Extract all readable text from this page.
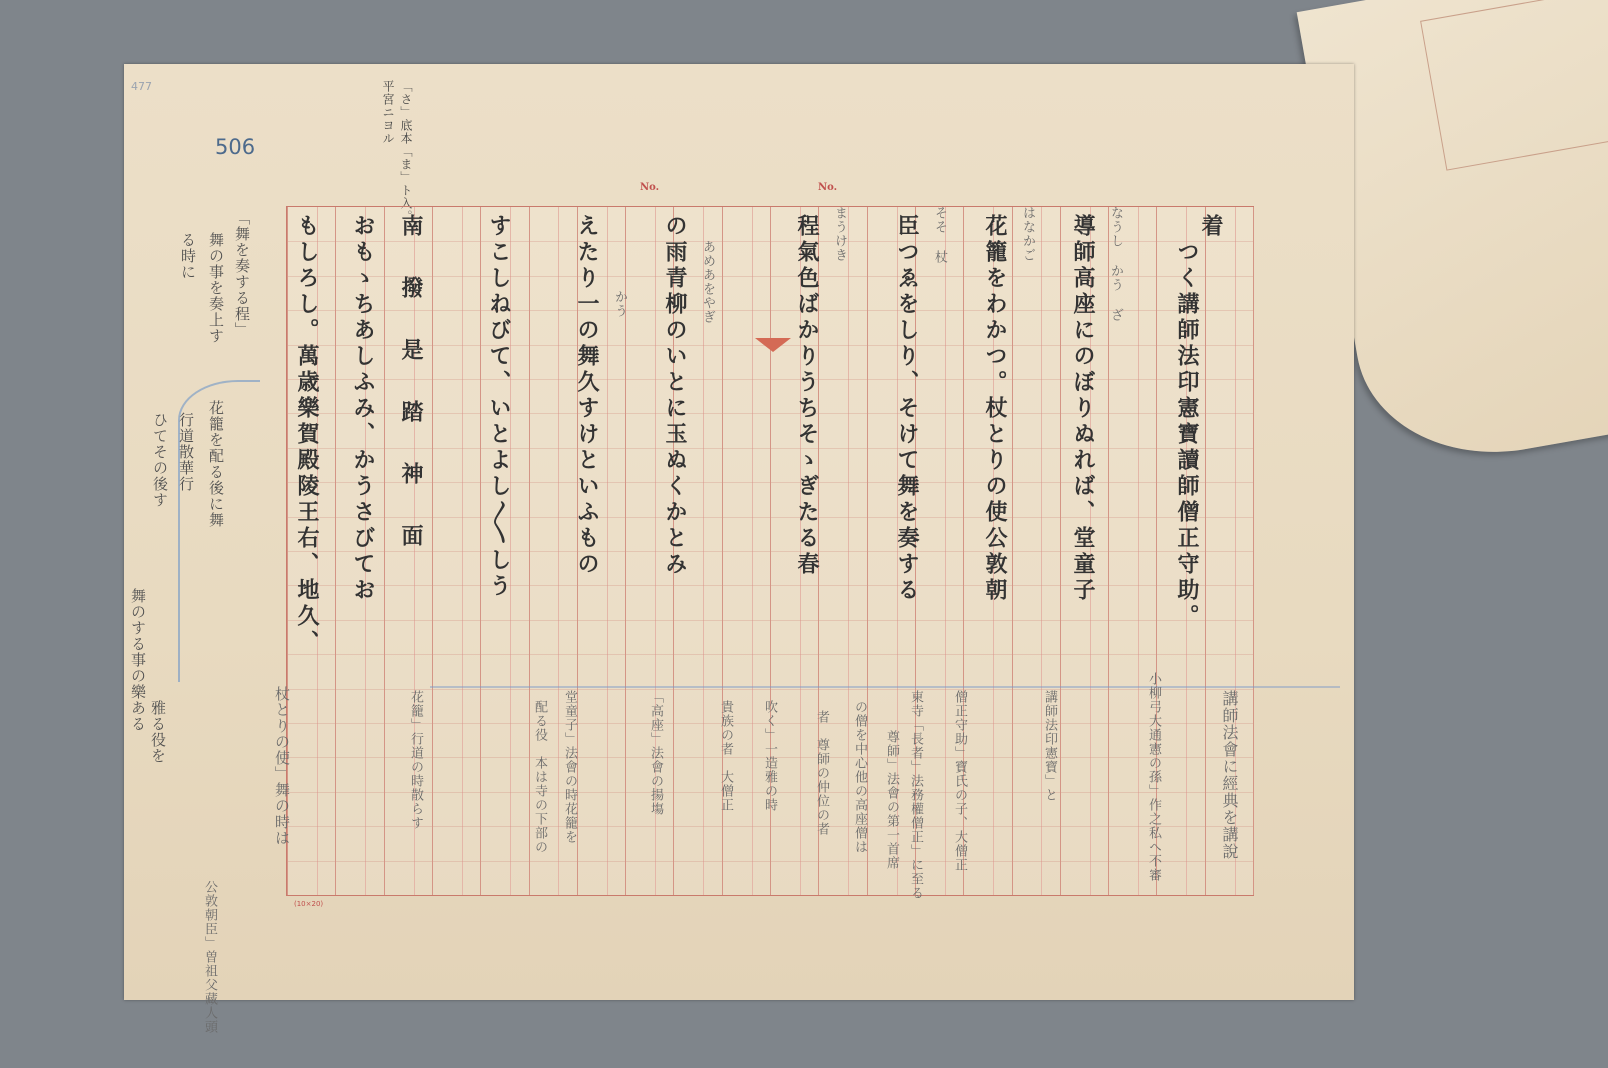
477
506	「さ」底本「ま」ト入。
平宮ニヨル
No.	No.
(10×20)
着
つく講師法印憲寶讀師僧正守助。
導師高座にのぼりぬれば、堂童子
花籠をわかつ。杖とりの使公敦朝
臣つゑをしり、そけて舞を奏する
程氣色ばかりうちそゝぎたる春
の雨青柳のいとに玉ぬくかとみ
えたり一の舞久すけといふもの
すこしねびて、いとよし〳〵しう
南撥是踏神面
おもゝちあしふみ、かうさびてお
もしろし。萬歳樂賀殿陵王右、地久、	なうし かう ざ
はなかご
そそ 杖
まうけき
あめあをやぎ
かう
講師法會に經典を講說
小柳弓大通憲の孫」作之私へ不審
講師法印憲寶」と
僧正守助」寶氏の子、大僧正
東寺「長者」法務權僧正」に至る
尊師」法會の第一首席
の僧を中心他の高座僧は
者　尊師の仲位の者
吹く」一造雅の時
貴族の者　大僧正
「高座」法會の揚塲
堂童子」法會の時花籠を
配る役　本は寺の下部の
花籠」行道の時散らす
杖とりの使」舞の時は
公敦朝臣」曽祖父藏人頭
「舞を奏する程」
舞の事を奏上す
る時に
花籠を配る後に舞
行道散華行
ひてその後す
舞のする事の樂ある 雅る役を
